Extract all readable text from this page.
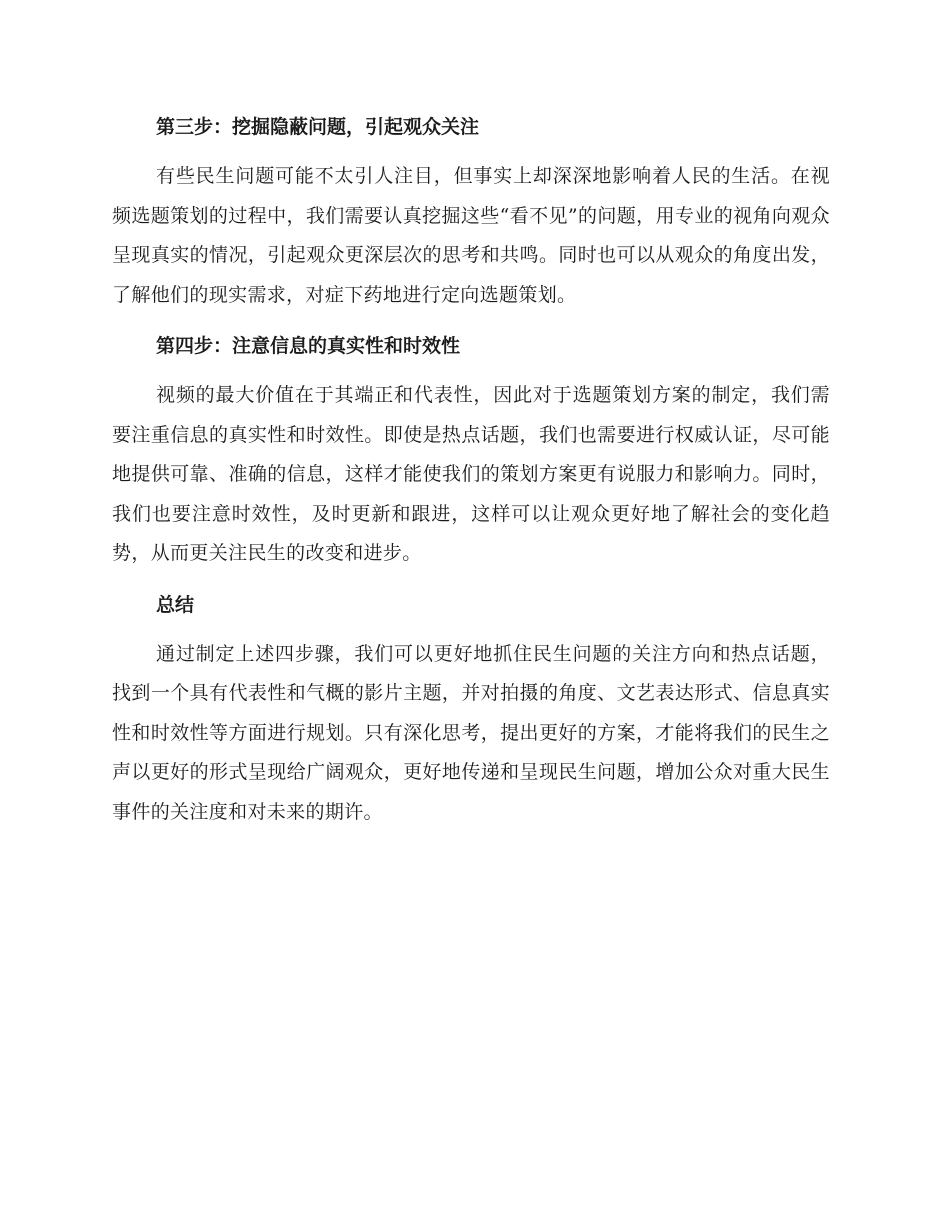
第三步：挖掘隐蔽问题，引起观众关注

有些民生问题可能不太引人注目，但事实上却深深地影响着人民的生活。在视频选题策划的过程中，我们需要认真挖掘这些“看不见”的问题，用专业的视角向观众呈现真实的情况，引起观众更深层次的思考和共鸣。同时也可以从观众的角度出发，了解他们的现实需求，对症下药地进行定向选题策划。

第四步：注意信息的真实性和时效性

视频的最大价值在于其端正和代表性，因此对于选题策划方案的制定，我们需要注重信息的真实性和时效性。即使是热点话题，我们也需要进行权威认证，尽可能地提供可靠、准确的信息，这样才能使我们的策划方案更有说服力和影响力。同时，我们也要注意时效性，及时更新和跟进，这样可以让观众更好地了解社会的变化趋势，从而更关注民生的改变和进步。

总结

通过制定上述四步骤，我们可以更好地抓住民生问题的关注方向和热点话题，找到一个具有代表性和气概的影片主题，并对拍摄的角度、文艺表达形式、信息真实性和时效性等方面进行规划。只有深化思考，提出更好的方案，才能将我们的民生之声以更好的形式呈现给广阔观众，更好地传递和呈现民生问题，增加公众对重大民生事件的关注度和对未来的期许。
